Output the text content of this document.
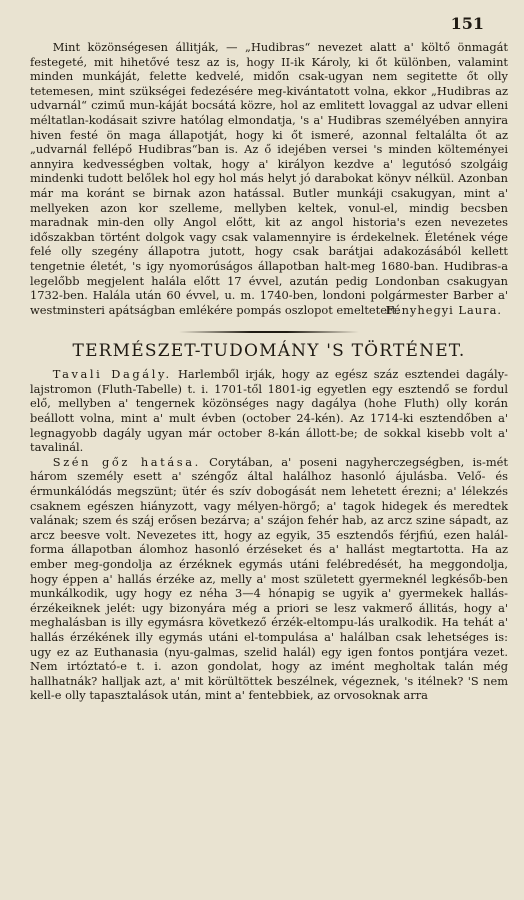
151

Mint közönségesen állitják, — „Hudibras“ nevezet alatt a' költő önmagát festegeté, mit hihetővé tesz az is, hogy II-ik Károly, ki őt különben, valamint minden munkáját, felette kedvelé, midőn csak-ugyan nem segitette őt olly tetemesen, mint szükségei fedezésére meg-kivántatott volna, ekkor „Hudibras az udvarnál“ czimű mun-káját bocsátá közre, hol az emlitett lovaggal az udvar elleni méltatlan-kodásait szivre hatólag elmondatja, 's a' Hudibras személyében annyira hiven festé ön maga állapotját, hogy ki őt ismeré, azonnal feltalálta őt az „udvarnál fellépő Hudibras“ban is. Az ő idejében versei 's minden költeményei annyira kedvességben voltak, hogy a' királyon kezdve a' legutósó szolgáig mindenki tudott belőlek hol egy hol más helyt jó darabokat könyv nélkül. Azonban már ma koránt se birnak azon hatással. Butler munkáji csakugyan, mint a' mellyeken azon kor szelleme, mellyben keltek, vonul-el, mindig becsben maradnak min-den olly Angol előtt, kit az angol historia's ezen nevezetes időszakban történt dolgok vagy csak valamennyire is érdekelnek. Életének vége felé olly szegény állapotra jutott, hogy csak barátjai adakozásából kellett tengetnie életét, 's igy nyomorúságos állapotban halt-meg 1680-ban. Hudibras-a legelőbb megjelent halála előtt 17 évvel, azután pedig Londonban csakugyan 1732-ben. Halála után 60 évvel, u. m. 1740-ben, londoni polgármester Barber a' westminsteri apátságban emlékére pompás oszlopot emeltetett.

Fényhegyi Laura.
TERMÉSZET-TUDOMÁNY 'S TÖRTÉNET.

Tavali Dagály. Harlemből irják, hogy az egész száz esztendei dagály-lajstromon (Fluth-Tabelle) t. i. 1701-től 1801-ig egyetlen egy esztendő se fordul elő, mellyben a' tengernek közönséges nagy dagálya (hohe Fluth) olly korán beállott volna, mint a' mult évben (october 24-kén). Az 1714-ki esztendőben a' legnagyobb dagály ugyan már october 8-kán állott-be; de sokkal kisebb volt a' tavalinál.

Szén gőz hatása. Corytában, a' poseni nagyherczegségben, is-mét három személy esett a' széngőz által halálhoz hasonló ájulásba. Velő- és érmunkálódás megszünt; ütér és szív dobogását nem lehetett érezni; a' lélekzés csaknem egészen hiányzott, vagy mélyen-hörgő; a' tagok hidegek és meredtek valának; szem és száj erősen bezárva; a' szájon fehér hab, az arcz szine sápadt, az arcz beesve volt. Nevezetes itt, hogy az egyik, 35 esztendős férjfiú, ezen halál-forma állapotban álomhoz hasonló érzéseket és a' hallást megtartotta. Ha az ember meg-gondolja az érzéknek egymás utáni felébredését, ha meggondolja, hogy éppen a' hallás érzéke az, melly a' most született gyermeknél legkésőb-ben munkálkodik, ugy hogy ez néha 3—4 hónapig se ugyik a' gyermekek hallás-érzékeiknek jelét: ugy bizonyára még a priori se lesz vakmerő állitás, hogy a' meghalásban is illy egymásra következő érzék-eltompu-lás uralkodik. Ha tehát a' hallás érzékének illy egymás utáni el-tompulása a' halálban csak lehetséges is: ugy ez az Euthanasia (nyu-galmas, szelid halál) egy igen fontos pontjára vezet. Nem irtóztató-e t. i. azon gondolat, hogy az imént megholtak talán még hallhatnák? halljak azt, a' mit körültöttek beszélnek, végeznek, 's itélnek? 'S nem kell-e olly tapasztalások után, mint a' fentebbiek, az orvosoknak arra
